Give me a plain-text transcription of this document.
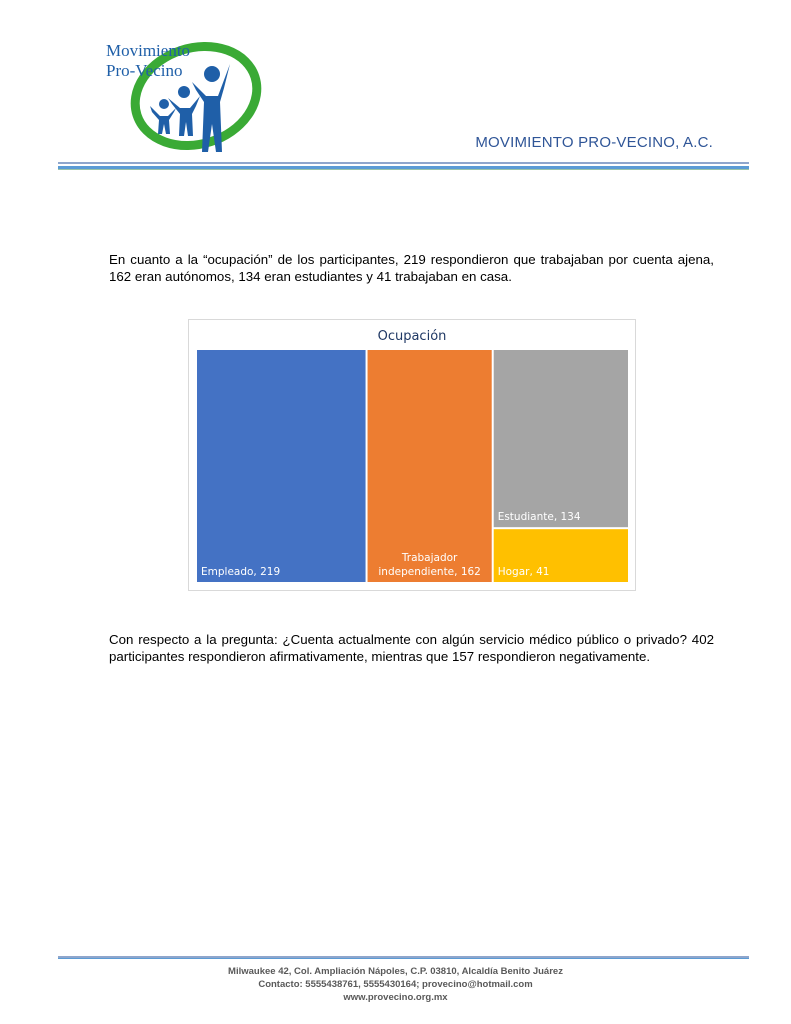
Movimiento
Pro-Vecino
MOVIMIENTO PRO-VECINO, A.C.

En cuanto a la “ocupación” de los participantes, 219 respondieron que trabajaban por cuenta ajena, 162 eran autónomos, 134 eran estudiantes y 41 trabajaban en casa.

Ocupación
Empleado, 219
Trabajador independiente, 162
Estudiante, 134
Hogar, 41

Con respecto a la pregunta: ¿Cuenta actualmente con algún servicio médico público o privado? 402 participantes respondieron afirmativamente, mientras que 157 respondieron negativamente.

Milwaukee 42, Col. Ampliación Nápoles, C.P. 03810, Alcaldía Benito Juárez
Contacto: 5555438761, 5555430164; provecino@hotmail.com
www.provecino.org.mx
